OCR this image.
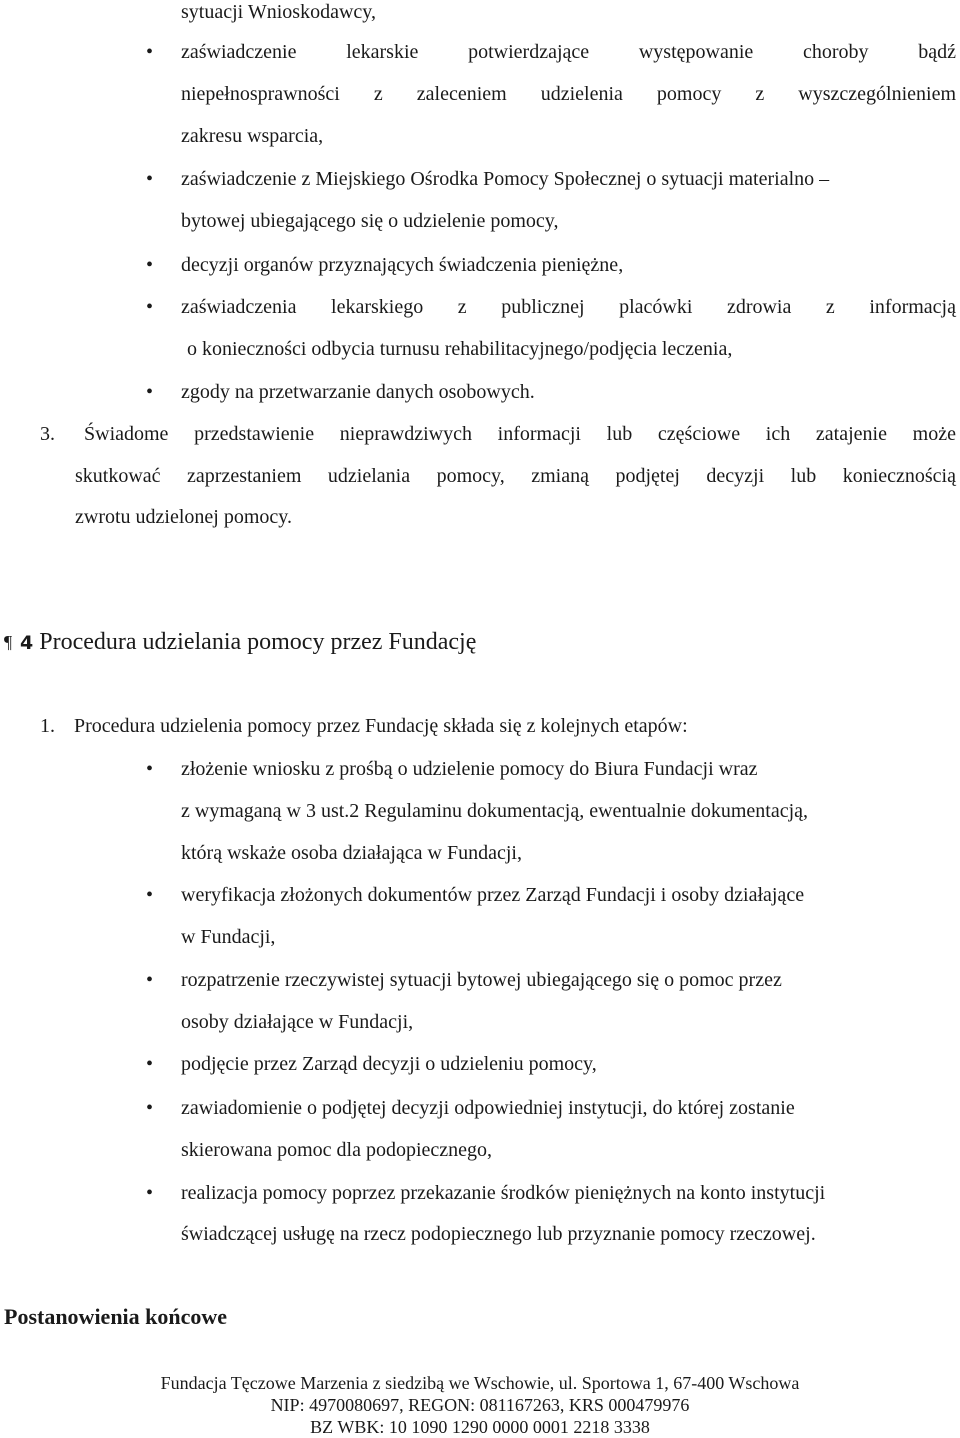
sytuacji Wnioskodawcy,
• zaświadczenie lekarskie potwierdzające występowanie choroby bądź
niepełnosprawności z zaleceniem udzielenia pomocy z wyszczególnieniem
zakresu wsparcia,
• zaświadczenie z Miejskiego Ośrodka Pomocy Społecznej o sytuacji materialno –
bytowej ubiegającego się o udzielenie pomocy,
• decyzji organów przyznających świadczenia pieniężne,
• zaświadczenia lekarskiego z publicznej placówki zdrowia z informacją
o konieczności odbycia turnusu rehabilitacyjnego/podjęcia leczenia,
• zgody na przetwarzanie danych osobowych.
3. Świadome przedstawienie nieprawdziwych informacji lub częściowe ich zatajenie może
skutkować zaprzestaniem udzielania pomocy, zmianą podjętej decyzji lub koniecznością
zwrotu udzielonej pomocy.
¶ 4 Procedura udzielania pomocy przez Fundację
1. Procedura udzielenia pomocy przez Fundację składa się z kolejnych etapów:
• złożenie wniosku z prośbą o udzielenie pomocy do Biura Fundacji wraz
z wymaganą w 3 ust.2 Regulaminu dokumentacją, ewentualnie dokumentacją,
którą wskaże osoba działająca w Fundacji,
• weryfikacja złożonych dokumentów przez Zarząd Fundacji i osoby działające
w Fundacji,
• rozpatrzenie rzeczywistej sytuacji bytowej ubiegającego się o pomoc przez
osoby działające w Fundacji,
• podjęcie przez Zarząd decyzji o udzieleniu pomocy,
• zawiadomienie o podjętej decyzji odpowiedniej instytucji, do której zostanie
skierowana pomoc dla podopiecznego,
• realizacja pomocy poprzez przekazanie środków pieniężnych na konto instytucji
świadczącej usługę na rzecz podopiecznego lub przyznanie pomocy rzeczowej.
Postanowienia końcowe
Fundacja Tęczowe Marzenia z siedzibą we Wschowie, ul. Sportowa 1, 67-400 Wschowa
NIP: 4970080697, REGON: 081167263, KRS 000479976
BZ WBK: 10 1090 1290 0000 0001 2218 3338
